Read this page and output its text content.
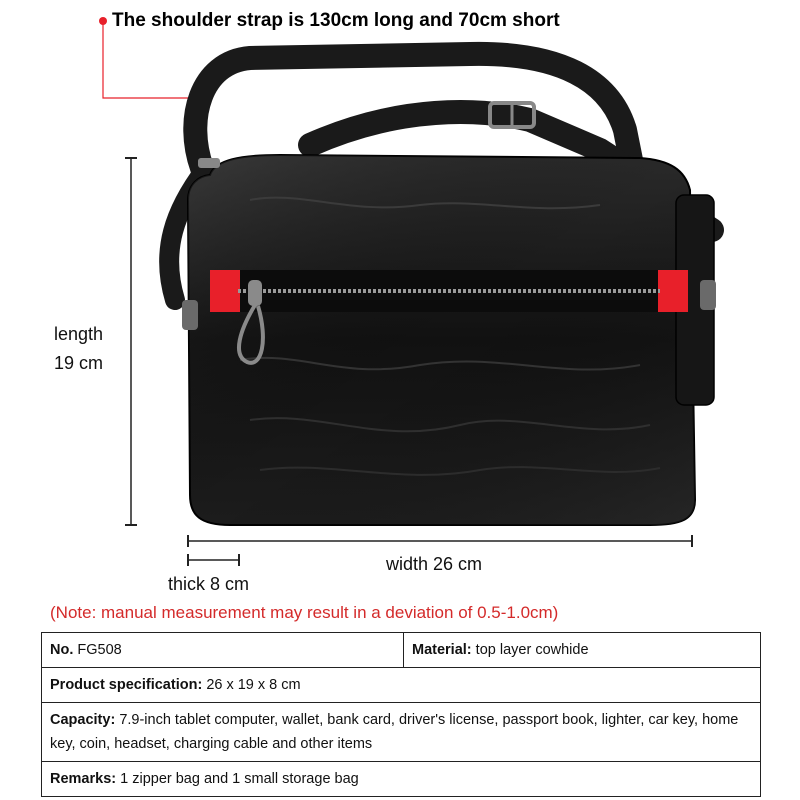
The shoulder strap is 130cm long and 70cm short
length
19 cm
width 26 cm
thick 8 cm
(Note: manual measurement may result in a deviation of 0.5-1.0cm)
No. FG508	Material: top layer cowhide
Product specification: 26 x 19 x 8 cm
Capacity: 7.9-inch tablet computer, wallet, bank card, driver's license, passport book, lighter, car key, home key, coin, headset, charging cable and other items
Remarks: 1 zipper bag and 1 small storage bag
